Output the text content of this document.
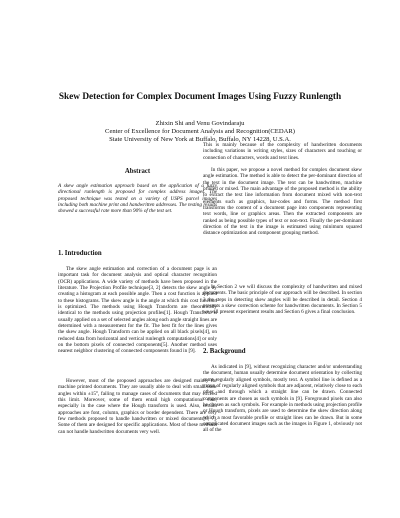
Skew Detection for Complex Document Images Using Fuzzy Runlength
Zhixin Shi and Venu Govindaraju
Center of Excellence for Document Analysis and Recognition(CEDAR)
State University of New York at Buffalo, Buffalo, NY 14228, U.S.A.
Abstract

A skew angle estimation approach based on the application of a fuzzy directional runlength is proposed for complex address images. The proposed technique was tested on a variety of USPS parcel images including both machine print and handwritten addresses. The testing results showed a successful rate more than 90% of the test set.

1. Introduction

The skew angle estimation and correction of a document page is an important task for document analysis and optical character recognition (OCR) applications. A wide variety of methods have been proposed in the literature. The Projection Profile technique[3, 2] detects the skew angle by creating a histogram at each possible angle. Then a cost function is applied to these histograms. The skew angle is the angle at which this cost function is optimized. The methods using Hough Transform are theoretically identical to the methods using projection profiles[1]. Hough Transform is usually applied on a set of selected angles along each angle straight lines are determined with a measurement for the fit. The best fit for the lines gives the skew angle. Hough Transform can be applied on all black pixels[4], on reduced data from horizontal and vertical runlength computations[4] or only on the bottom pixels of connected components[5]. Another method uses nearest neighbor clustering of connected components found in [9].

However, most of the proposed approaches are designed mainly for machine printed documents. They are usually able to deal with small skew angles within ±15°, failing to manage cases of documents that may exceed this limit. Moreover, some of them entail high computational cost, especially in the case where the Hough transform is used. Also, certain approaches are font, column, graphics or border dependent. There are very few methods proposed to handle handwritten or mixed documents[8, 7]. Some of them are designed for specific applications. Most of these methods can not handle handwritten documents very well.

This is mainly because of the complexity of handwritten documents including variations in writing styles, sizes of characters and touching or connection of characters, words and text lines.

In this paper, we propose a novel method for complex document skew angle estimation. The method is able to detect the per-dominant direction of the text in the document image. The text can be handwritten, machine printed or mixed. The main advantage of the proposed method is the ability to extract the text line information from document mixed with non-text elements such as graphics, bar-codes and forms. The method first transforms the content of a document page into components representing text words, line or graphics areas. Then the extracted components are ranked as being possible types of text or non-text. Finally the per-dominant direction of the text in the image is estimated using minimum squared distance optimization and component grouping method.

In Section 2 we will discuss the complexity of handwritten and mixed documents. The basic principle of our approach will be described. In section 3 the steps in detecting skew angles will be described in detail. Section 4 presents a skew correction scheme for handwritten documents. In Section 5 we will present experiment results and Section 6 gives a final conclusion.

2. Background

As indicated in [9], without recognizing character and/or understanding the document, human usually determine document orientation by collecting some regularly aligned symbols, mostly text. A symbol line is defined as a group of regularly aligned symbols that are adjacent, relatively close to each other and through which a straight line can be drawn. Connected components are chosen as such symbols in [9]. Foreground pixels can also be chosen as such symbols. For example in methods using projection profile or Hough transform, pixels are used to determine the skew direction along which a most favorable profile or straight lines can be drawn. But in some complicated document images such as the images in Figure 1, obviously not all of the
